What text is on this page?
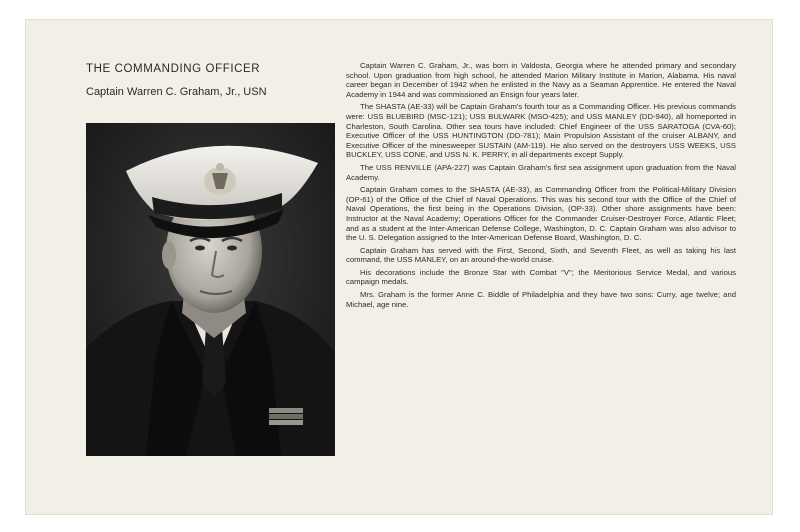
THE COMMANDING OFFICER
Captain Warren C. Graham, Jr., USN

Captain Warren C. Graham, Jr., was born in Valdosta, Georgia where he attended primary and secondary school. Upon graduation from high school, he attended Marion Military Institute in Marion, Alabama. His naval career began in December of 1942 when he enlisted in the Navy as a Seaman Apprentice. He entered the Naval Academy in 1944 and was commissioned an Ensign four years later.

The SHASTA (AE-33) will be Captain Graham's fourth tour as a Commanding Officer. His previous commands were: USS BLUEBIRD (MSC-121); USS BULWARK (MSO-425); and USS MANLEY (DD-940), all homeported in Charleston, South Carolina. Other sea tours have included: Chief Engineer of the USS SARATOGA (CVA-60); Executive Officer of the USS HUNTINGTON (DD-781); Main Propulsion Assistant of the cruiser ALBANY, and Executive Officer of the minesweeper SUSTAIN (AM-119). He also served on the destroyers USS WEEKS, USS BUCKLEY, USS CONE, and USS N. K. PERRY, in all departments except Supply.

The USS RENVILLE (APA-227) was Captain Graham's first sea assignment upon graduation from the Naval Academy.

Captain Graham comes to the SHASTA (AE-33), as Commanding Officer from the Political-Military Division (OP-61) of the Office of the Chief of Naval Operations. This was his second tour with the Office of the Chief of Naval Operations, the first being in the Operations Division, (OP-33). Other shore assignments have been: Instructor at the Naval Academy; Operations Officer for the Commander Cruiser-Destroyer Force, Atlantic Fleet; and as a student at the Inter-American Defense College, Washington, D. C. Captain Graham was also advisor to the U. S. Delegation assigned to the Inter-American Defense Board, Washington, D. C.

Captain Graham has served with the First, Second, Sixth, and Seventh Fleet, as well as taking his last command, the USS MANLEY, on an around-the-world cruise.

His decorations include the Bronze Star with Combat "V"; the Meritorious Service Medal, and various campaign medals.

Mrs. Graham is the former Anne C. Biddle of Philadelphia and they have two sons: Curry, age twelve; and Michael, age nine.
